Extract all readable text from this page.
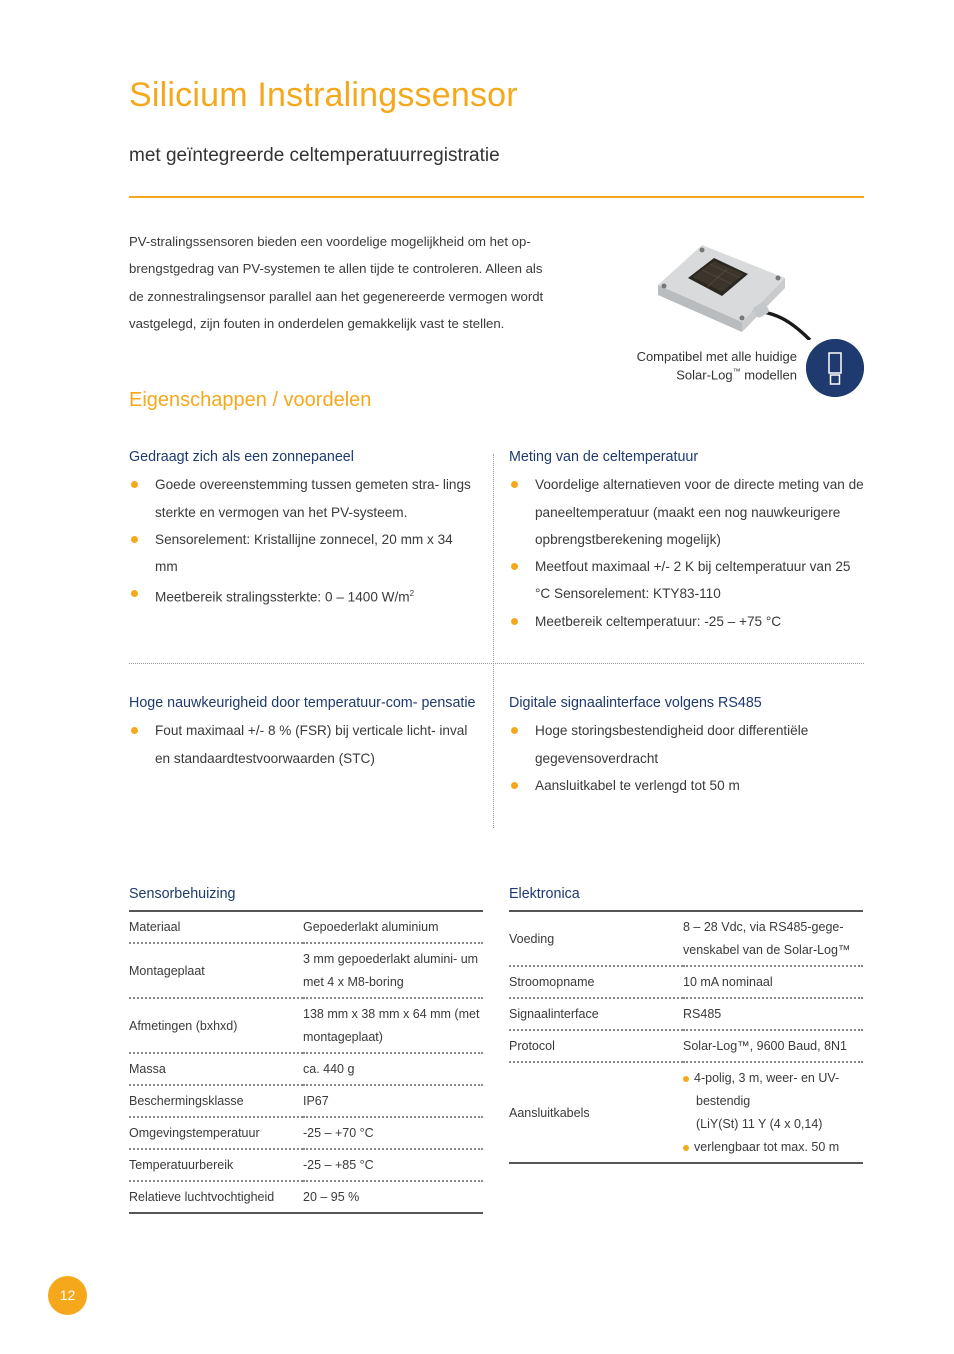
Silicium Instralingssensor
met geïntegreerde celtemperatuurregistratie

PV-stralingssensoren bieden een voordelige mogelijkheid om het op-

brengstgedrag van PV-systemen te allen tijde te controleren. Alleen als

de zonnestralingsensor parallel aan het gegenereerde vermogen wordt

vastgelegd, zijn fouten in onderdelen gemakkelijk vast te stellen.

Compatibel met alle huidige
Solar-Log™ modellen
Eigenschappen / voordelen
Gedraagt zich als een zonnepaneel
Goede overeenstemming tussen gemeten stra- lings sterkte en vermogen van het PV-systeem.
Sensorelement: Kristallijne zonnecel, 20 mm x 34 mm
Meetbereik stralingssterkte: 0 – 1400 $W/m^2$
Meting van de celtemperatuur
Voordelige alternatieven voor de directe meting van de paneeltemperatuur (maakt een nog nauwkeurigere opbrengstberekening mogelijk)
Meetfout maximaal +/- 2 K bij celtemperatuur van 25 °C Sensorelement: KTY83-110
Meetbereik celtemperatuur: -25 – +75 °C
Hoge nauwkeurigheid door temperatuur-com- pensatie
Fout maximaal +/- 8 % (FSR) bij verticale licht- inval en standaardtestvoorwaarden (STC)
Digitale signaalinterface volgens RS485
Hoge storingsbestendigheid door differentiële gegevensoverdracht
Aansluitkabel te verlengd tot 50 m
Sensorbehuizing
Materiaal	Gepoederlakt aluminium
Montageplaat	3 mm gepoederlakt alumini- um met 4 x M8-boring
Afmetingen (bxhxd)	138 mm x 38 mm x 64 mm (met montageplaat)
Massa	ca. 440 g
Beschermingsklasse	IP67
Omgevingstemperatuur	-25 – +70 °C
Temperatuurbereik	-25 – +85 °C
Relatieve luchtvochtigheid	20 – 95 %
Elektronica
Voeding	8 – 28 Vdc, via RS485-gege- venskabel van de Solar-Log™
Stroomopname	10 mA nominaal
Signaalinterface	RS485
Protocol	Solar-Log™, 9600 Baud, 8N1
Aansluitkabels	4-polig, 3 m, weer- en UV-
bestendig
(LiY(St) 11 Y (4 x 0,14)
verlengbaar tot max. 50 m
12
